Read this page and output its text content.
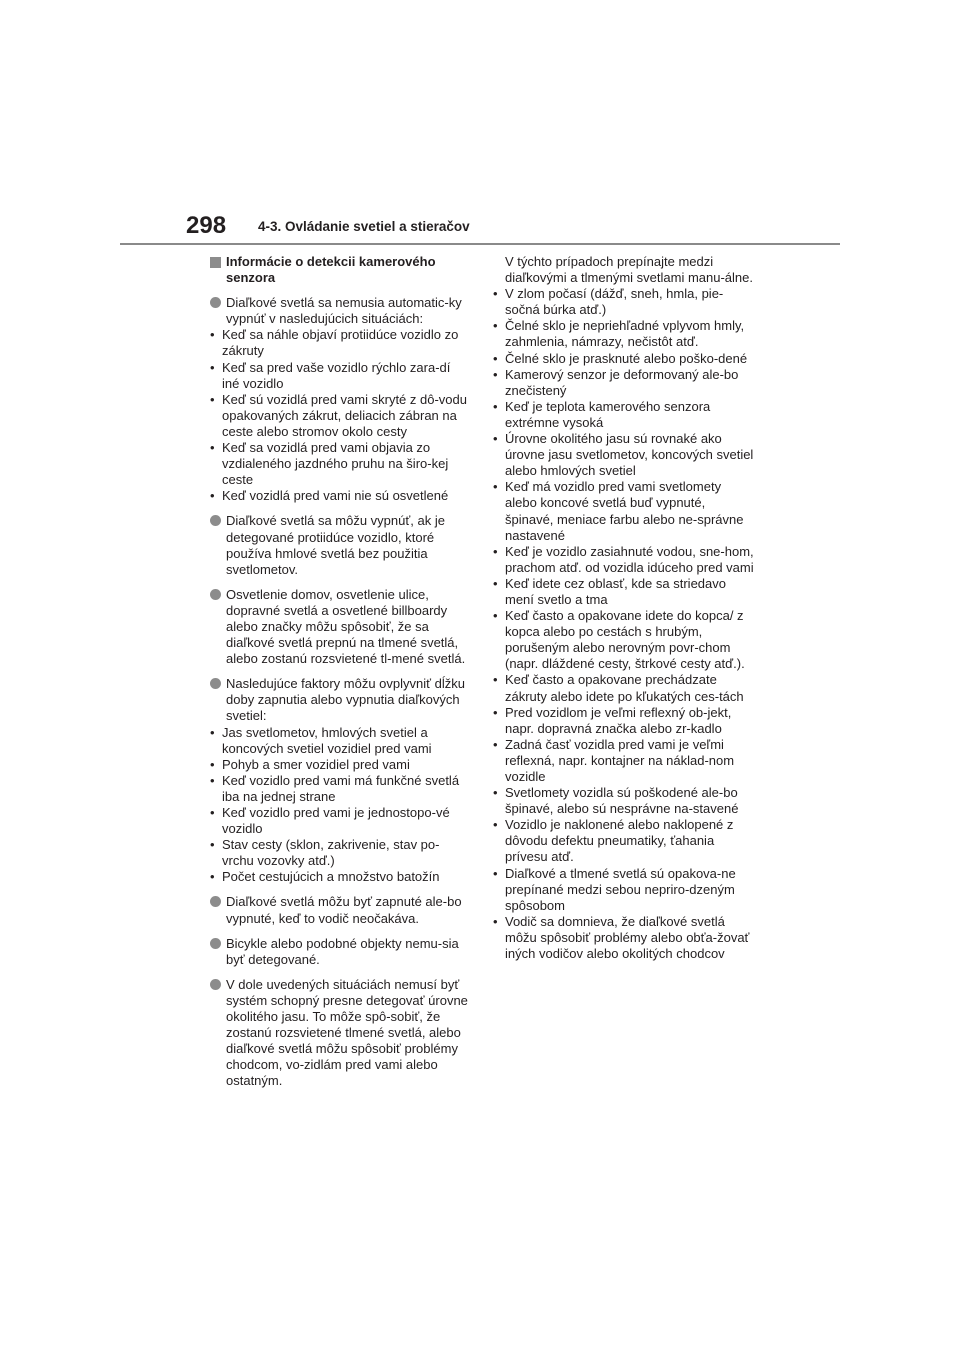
298 4-3. Ovládanie svetiel a stieračov
Informácie o detekcii kamerového senzora
Diaľkové svetlá sa nemusia automatic-ky vypnúť v nasledujúcich situáciách:
• Keď sa náhle objaví protiidúce vozidlo zo zákruty
• Keď sa pred vaše vozidlo rýchlo zara-dí iné vozidlo
• Keď sú vozidlá pred vami skryté z dô-vodu opakovaných zákrut, deliacich zábran na ceste alebo stromov okolo cesty
• Keď sa vozidlá pred vami objavia zo vzdialeného jazdného pruhu na širo-kej ceste
• Keď vozidlá pred vami nie sú osvetlené
Diaľkové svetlá sa môžu vypnúť, ak je detegované protiidúce vozidlo, ktoré používa hmlové svetlá bez použitia svetlometov.
Osvetlenie domov, osvetlenie ulice, dopravné svetlá a osvetlené billboardy alebo značky môžu spôsobiť, že sa diaľkové svetlá prepnú na tlmené svetlá, alebo zostanú rozsvietené tl-mené svetlá.
Nasledujúce faktory môžu ovplyvniť dĺžku doby zapnutia alebo vypnutia diaľkových svetiel:
• Jas svetlometov, hmlových svetiel a koncových svetiel vozidiel pred vami
• Pohyb a smer vozidiel pred vami
• Keď vozidlo pred vami má funkčné svetlá iba na jednej strane
• Keď vozidlo pred vami je jednostopo-vé vozidlo
• Stav cesty (sklon, zakrivenie, stav po-vrchu vozovky atď.)
• Počet cestujúcich a množstvo batožín
Diaľkové svetlá môžu byť zapnuté ale-bo vypnuté, keď to vodič neočakáva.
Bicykle alebo podobné objekty nemu-sia byť detegované.
V dole uvedených situáciách nemusí byť systém schopný presne detegovať úrovne okolitého jasu. To môže spô-sobiť, že zostanú rozsvietené tlmené svetlá, alebo diaľkové svetlá môžu spôsobiť problémy chodcom, vo-zidlám pred vami alebo ostatným.
V týchto prípadoch prepínajte medzi diaľkovými a tlmenými svetlami manu-álne.
• V zlom počasí (dážď, sneh, hmla, pie-sočná búrka atď.)
• Čelné sklo je nepriehľadné vplyvom hmly, zahmlenia, námrazy, nečistôt atď.
• Čelné sklo je prasknuté alebo poško-dené
• Kamerový senzor je deformovaný ale-bo znečistený
• Keď je teplota kamerového senzora extrémne vysoká
• Úrovne okolitého jasu sú rovnaké ako úrovne jasu svetlometov, koncových svetiel alebo hmlových svetiel
• Keď má vozidlo pred vami svetlomety alebo koncové svetlá buď vypnuté, špinavé, meniace farbu alebo ne-správne nastavené
• Keď je vozidlo zasiahnuté vodou, sne-hom, prachom atď. od vozidla idúceho pred vami
• Keď idete cez oblasť, kde sa striedavo mení svetlo a tma
• Keď často a opakovane idete do kopca/ z kopca alebo po cestách s hrubým, porušeným alebo nerovným povr-chom (napr. dláždené cesty, štrkové cesty atď.).
• Keď často a opakovane prechádzate zákruty alebo idete po kľukatých ces-tách
• Pred vozidlom je veľmi reflexný ob-jekt, napr. dopravná značka alebo zr-kadlo
• Zadná časť vozidla pred vami je veľmi reflexná, napr. kontajner na náklad-nom vozidle
• Svetlomety vozidla sú poškodené ale-bo špinavé, alebo sú nesprávne na-stavené
• Vozidlo je naklonené alebo naklopené z dôvodu defektu pneumatiky, ťahania prívesu atď.
• Diaľkové a tlmené svetlá sú opakova-ne prepínané medzi sebou nepriro-dzeným spôsobom
• Vodič sa domnieva, že diaľkové svetlá môžu spôsobiť problémy alebo obťa-žovať iných vodičov alebo okolitých chodcov
